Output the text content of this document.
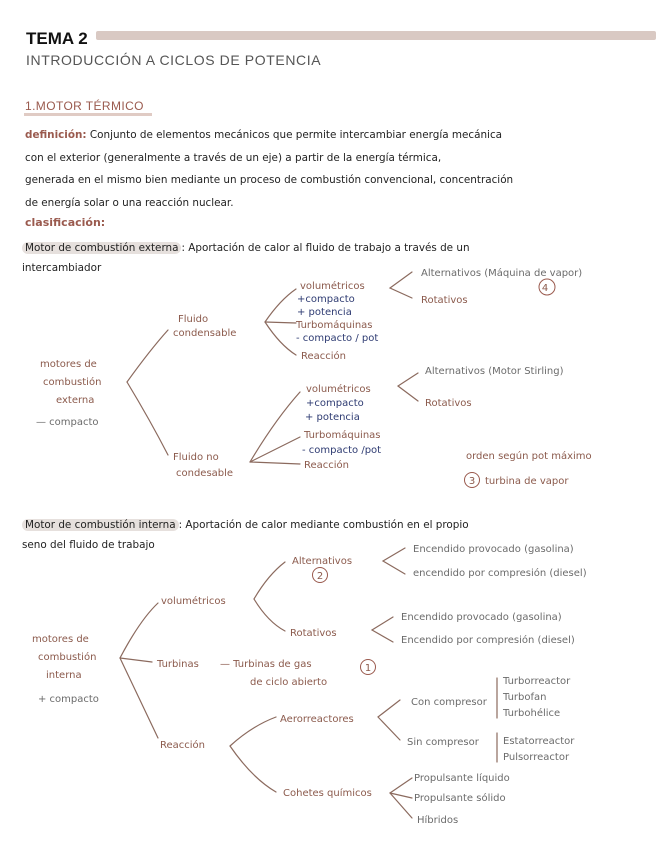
TEMA 2
INTRODUCCIÓN A CICLOS DE POTENCIA
1.MOTOR TÉRMICO
definición: Conjunto de elementos mecánicos que permite intercambiar energía mecánica
con el exterior (generalmente a través de un eje) a partir de la energía térmica,
generada en el mismo bien mediante un proceso de combustión convencional, concentración
de energía solar o una reacción nuclear.
clasificación:
Motor de combustión externa : Aportación de calor al fluido de trabajo a través de un
intercambiador
Motor de combustión interna : Aportación de calor mediante combustión en el propio
seno del fluido de trabajo
motores de
combustión
externa
— compacto
Fluido
condensable
Fluido no
condesable
volumétricos
+compacto
+ potencia
Turbomáquinas
- compacto / pot
Reacción
Alternativos (Máquina de vapor)
4
Rotativos
volumétricos
+compacto
+ potencia
Turbomáquinas
- compacto /pot
Reacción
Alternativos (Motor Stirling)
Rotativos
orden según pot máximo
3 turbina de vapor
motores de
combustión
interna
+ compacto
volumétricos
Alternativos
2
Encendido provocado (gasolina)
encendido por compresión (diesel)
Rotativos
Encendido provocado (gasolina)
Encendido por compresión (diesel)
Turbinas — Turbinas de gas
de ciclo abierto
1
Reacción
Aerorreactores
Con compresor
Turborreactor
Turbofan
Turbohélice
Sin compresor Estatorreactor
Pulsorreactor
Cohetes químicos
Propulsante líquido
Propulsante sólido
Híbridos
